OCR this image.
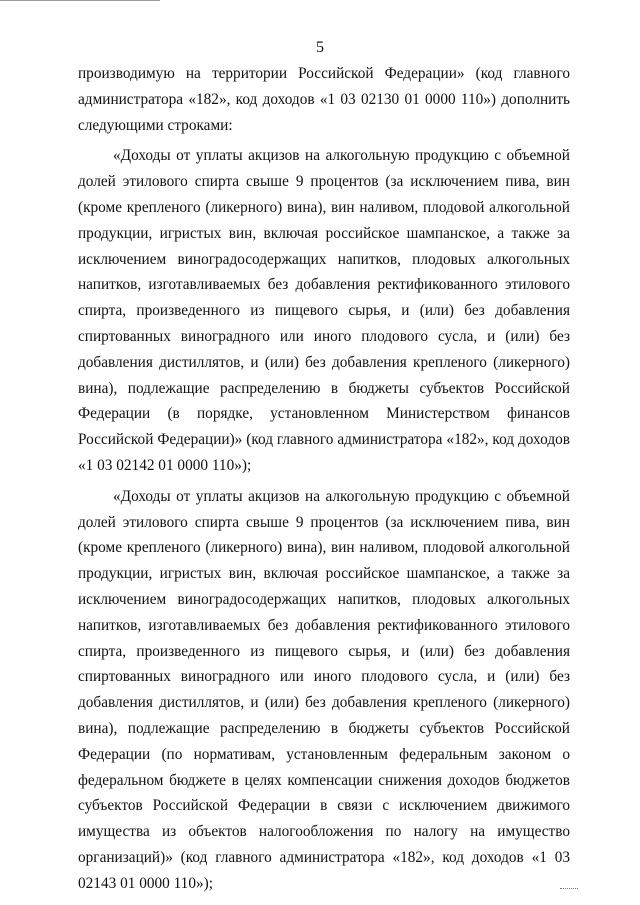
5

производимую на территории Российской Федерации» (код главного администратора «182», код доходов «1 03 02130 01 0000 110») дополнить следующими строками:

«Доходы от уплаты акцизов на алкогольную продукцию с объемной долей этилового спирта свыше 9 процентов (за исключением пива, вин (кроме крепленого (ликерного) вина), вин наливом, плодовой алкогольной продукции, игристых вин, включая российское шампанское, а также за исключением виноградосодержащих напитков, плодовых алкогольных напитков, изготавливаемых без добавления ректификованного этилового спирта, произведенного из пищевого сырья, и (или) без добавления спиртованных виноградного или иного плодового сусла, и (или) без добавления дистиллятов, и (или) без добавления крепленого (ликерного) вина), подлежащие распределению в бюджеты субъектов Российской Федерации (в порядке, установленном Министерством финансов Российской Федерации)» (код главного администратора «182», код доходов «1 03 02142 01 0000 110»);

«Доходы от уплаты акцизов на алкогольную продукцию с объемной долей этилового спирта свыше 9 процентов (за исключением пива, вин (кроме крепленого (ликерного) вина), вин наливом, плодовой алкогольной продукции, игристых вин, включая российское шампанское, а также за исключением виноградосодержащих напитков, плодовых алкогольных напитков, изготавливаемых без добавления ректификованного этилового спирта, произведенного из пищевого сырья, и (или) без добавления спиртованных виноградного или иного плодового сусла, и (или) без добавления дистиллятов, и (или) без добавления крепленого (ликерного) вина), подлежащие распределению в бюджеты субъектов Российской Федерации (по нормативам, установленным федеральным законом о федеральном бюджете в целях компенсации снижения доходов бюджетов субъектов Российской Федерации в связи с исключением движимого имущества из объектов налогообложения по налогу на имущество организаций)» (код главного администратора «182», код доходов «1 03 02143 01 0000 110»);
